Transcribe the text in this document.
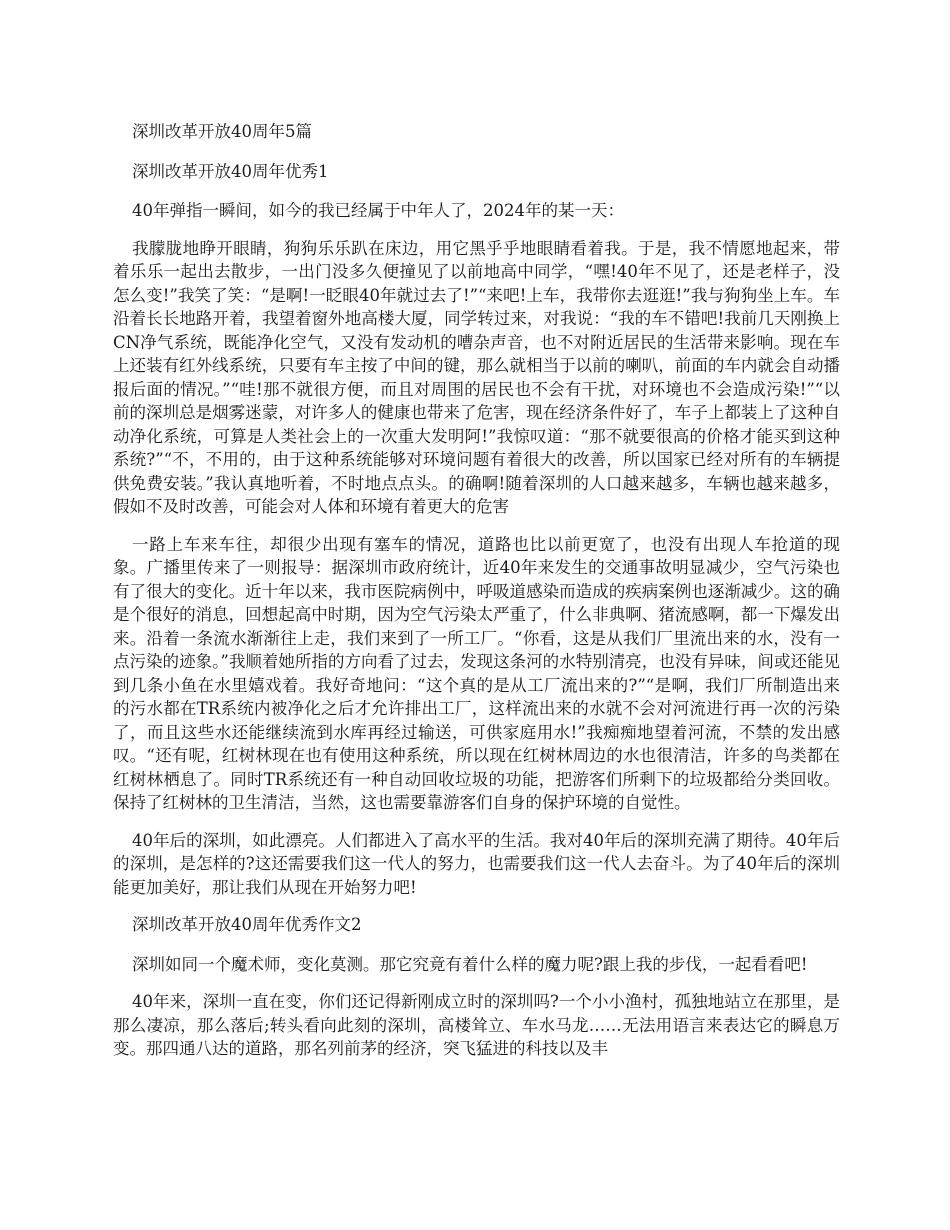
深圳改革开放40周年5篇

深圳改革开放40周年优秀1

40年弹指一瞬间，如今的我已经属于中年人了，2024年的某一天：

我朦胧地睁开眼睛，狗狗乐乐趴在床边，用它黑乎乎地眼睛看着我。于是，我不情愿地起来，带着乐乐一起出去散步，一出门没多久便撞见了以前地高中同学，“嘿!40年不见了，还是老样子，没怎么变!”我笑了笑：“是啊!一眨眼40年就过去了!”“来吧!上车，我带你去逛逛!”我与狗狗坐上车。车沿着长长地路开着，我望着窗外地高楼大厦，同学转过来，对我说：“我的车不错吧!我前几天刚换上CN净气系统，既能净化空气，又没有发动机的嘈杂声音，也不对附近居民的生活带来影响。现在车上还装有红外线系统，只要有车主按了中间的键，那么就相当于以前的喇叭，前面的车内就会自动播报后面的情况。”“哇!那不就很方便，而且对周围的居民也不会有干扰，对环境也不会造成污染!”“以前的深圳总是烟雾迷蒙，对许多人的健康也带来了危害，现在经济条件好了，车子上都装上了这种自动净化系统，可算是人类社会上的一次重大发明阿!”我惊叹道：“那不就要很高的价格才能买到这种系统?”“不，不用的，由于这种系统能够对环境问题有着很大的改善，所以国家已经对所有的车辆提供免费安装。”我认真地听着，不时地点点头。的确啊!随着深圳的人口越来越多，车辆也越来越多，假如不及时改善，可能会对人体和环境有着更大的危害

一路上车来车往，却很少出现有塞车的情况，道路也比以前更宽了，也没有出现人车抢道的现象。广播里传来了一则报导：据深圳市政府统计，近40年来发生的交通事故明显减少，空气污染也有了很大的变化。近十年以来，我市医院病例中，呼吸道感染而造成的疾病案例也逐渐减少。这的确是个很好的消息，回想起高中时期，因为空气污染太严重了，什么非典啊、猪流感啊，都一下爆发出来。沿着一条流水渐渐往上走，我们来到了一所工厂。“你看，这是从我们厂里流出来的水，没有一点污染的迹象。”我顺着她所指的方向看了过去，发现这条河的水特别清亮，也没有异味，间或还能见到几条小鱼在水里嬉戏着。我好奇地问：“这个真的是从工厂流出来的?”“是啊，我们厂所制造出来的污水都在TR系统内被净化之后才允许排出工厂，这样流出来的水就不会对河流进行再一次的污染了，而且这些水还能继续流到水库再经过输送，可供家庭用水!”我痴痴地望着河流，不禁的发出感叹。“还有呢，红树林现在也有使用这种系统，所以现在红树林周边的水也很清洁，许多的鸟类都在红树林栖息了。同时TR系统还有一种自动回收垃圾的功能，把游客们所剩下的垃圾都给分类回收。保持了红树林的卫生清洁，当然，这也需要靠游客们自身的保护环境的自觉性。

40年后的深圳，如此漂亮。人们都进入了高水平的生活。我对40年后的深圳充满了期待。40年后的深圳，是怎样的?这还需要我们这一代人的努力，也需要我们这一代人去奋斗。为了40年后的深圳能更加美好，那让我们从现在开始努力吧!

深圳改革开放40周年优秀作文2

深圳如同一个魔术师，变化莫测。那它究竟有着什么样的魔力呢?跟上我的步伐，一起看看吧!

40年来，深圳一直在变，你们还记得新刚成立时的深圳吗?一个小小渔村，孤独地站立在那里，是那么凄凉，那么落后;转头看向此刻的深圳，高楼耸立、车水马龙……无法用语言来表达它的瞬息万变。那四通八达的道路，那名列前茅的经济，突飞猛进的科技以及丰
